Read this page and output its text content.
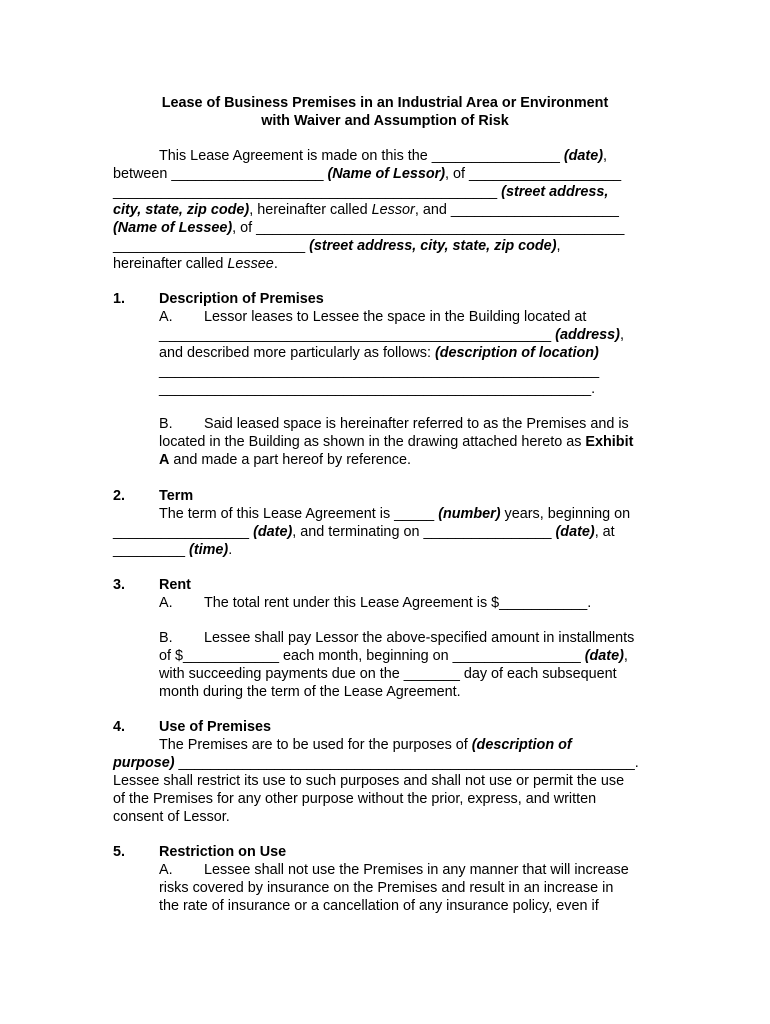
Lease of Business Premises in an Industrial Area or Environment
with Waiver and Assumption of Risk
This Lease Agreement is made on this the ________________ (date),
between ___________________ (Name of Lessor), of ___________________
________________________________________________ (street address,
city, state, zip code), hereinafter called Lessor, and _____________________
(Name of Lessee), of ______________________________________________
________________________ (street address, city, state, zip code),
hereinafter called Lessee.
1. Description of Premises
A. Lessor leases to Lessee the space in the Building located at
_________________________________________________ (address),
and described more particularly as follows: (description of location)
_______________________________________________________
______________________________________________________.
B. Said leased space is hereinafter referred to as the Premises and is
located in the Building as shown in the drawing attached hereto as Exhibit
A and made a part hereof by reference.
2. Term
The term of this Lease Agreement is _____ (number) years, beginning on
_________________ (date), and terminating on ________________ (date), at
_________ (time).
3. Rent
A. The total rent under this Lease Agreement is $___________.
B. Lessee shall pay Lessor the above-specified amount in installments
of $____________ each month, beginning on ________________ (date),
with succeeding payments due on the _______ day of each subsequent
month during the term of the Lease Agreement.
4. Use of Premises
The Premises are to be used for the purposes of (description of
purpose) _________________________________________________________.
Lessee shall restrict its use to such purposes and shall not use or permit the use
of the Premises for any other purpose without the prior, express, and written
consent of Lessor.
5. Restriction on Use
A. Lessee shall not use the Premises in any manner that will increase
risks covered by insurance on the Premises and result in an increase in
the rate of insurance or a cancellation of any insurance policy, even if
